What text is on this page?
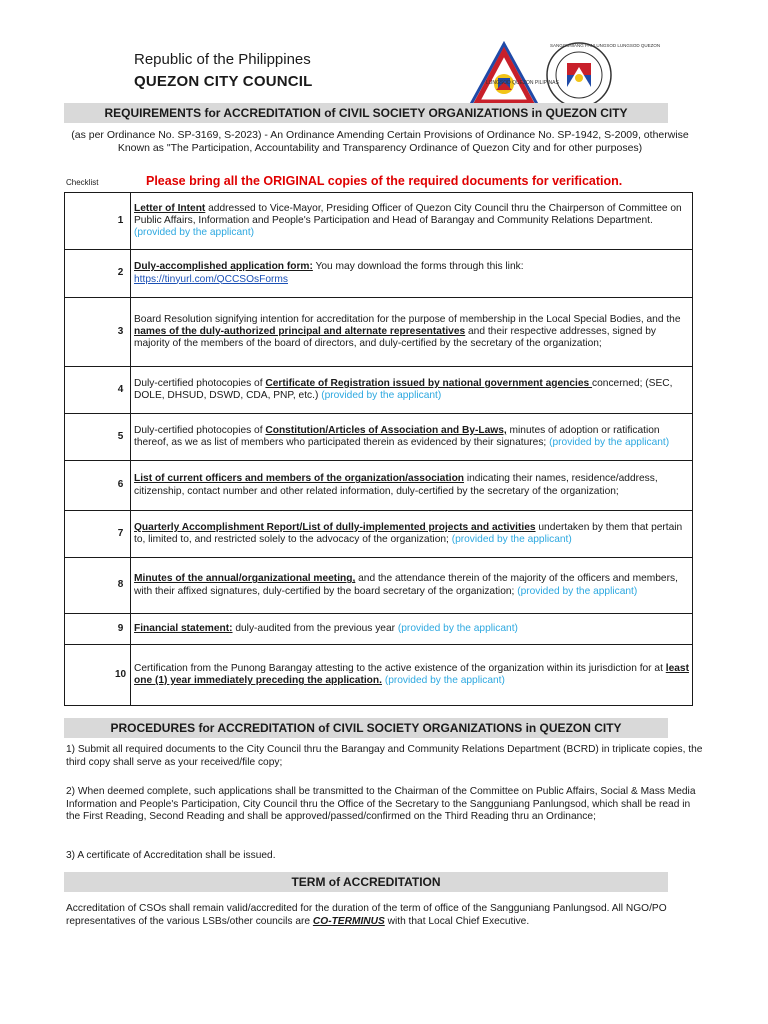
Republic of the Philippines
QUEZON CITY COUNCIL	LUNGSOD QUEZON PILIPINAS
SANGGUNIANG PANLUNGSOD LUNGSOD QUEZON
REQUIREMENTS for ACCREDITATION of CIVIL SOCIETY ORGANIZATIONS in QUEZON CITY
(as per Ordinance No. SP-3169, S-2023) - An Ordinance Amending Certain Provisions of Ordinance No. SP-1942, S-2009, otherwise Known as "The Participation, Accountability and Transparency Ordinance of Quezon City and for other purposes)
Checklist	Please bring all the ORIGINAL copies of the required documents for verification.
	1	Letter of Intent addressed to Vice-Mayor, Presiding Officer of Quezon City Council thru the Chairperson of Committee on Public Affairs, Information and People's Participation and Head of Barangay and Community Relations Department. (provided by the applicant)
	2	Duly-accomplished application form: You may download the forms through this link:
https://tinyurl.com/QCCSOsForms
	3	Board Resolution signifying intention for accreditation for the purpose of membership in the Local Special Bodies, and the names of the duly-authorized principal and alternate representatives and their respective addresses, signed by majority of the members of the board of directors, and duly-certified by the secretary of the organization;
	4	Duly-certified photocopies of Certificate of Registration issued by national government agencies concerned; (SEC, DOLE, DHSUD, DSWD, CDA, PNP, etc.) (provided by the applicant)
	5	Duly-certified photocopies of Constitution/Articles of Association and By-Laws, minutes of adoption or ratification thereof, as we as list of members who participated therein as evidenced by their signatures; (provided by the applicant)
	6	List of current officers and members of the organization/association indicating their names, residence/address, citizenship, contact number and other related information, duly-certified by the secretary of the organization;
	7	Quarterly Accomplishment Report/List of dully-implemented projects and activities undertaken by them that pertain to, limited to, and restricted solely to the advocacy of the organization; (provided by the applicant)
	8	Minutes of the annual/organizational meeting, and the attendance therein of the majority of the officers and members, with their affixed signatures, duly-certified by the board secretary of the organization; (provided by the applicant)
	9	Financial statement: duly-audited from the previous year (provided by the applicant)
	10	Certification from the Punong Barangay attesting to the active existence of the organization within its jurisdiction for at least one (1) year immediately preceding the application. (provided by the applicant)
PROCEDURES for ACCREDITATION of CIVIL SOCIETY ORGANIZATIONS in QUEZON CITY
1) Submit all required documents to the City Council thru the Barangay and Community Relations Department (BCRD) in triplicate copies, the third copy shall serve as your received/file copy;
2) When deemed complete, such applications shall be transmitted to the Chairman of the Committee on Public Affairs, Social & Mass Media Information and People's Participation, City Council thru the Office of the Secretary to the Sangguniang Panlungsod, which shall be read in the First Reading, Second Reading and shall be approved/passed/confirmed on the Third Reading thru an Ordinance;
3) A certificate of Accreditation shall be issued.
TERM of ACCREDITATION
Accreditation of CSOs shall remain valid/accredited for the duration of the term of office of the Sangguniang Panlungsod. All NGO/PO representatives of the various LSBs/other councils are CO-TERMINUS with that Local Chief Executive.
